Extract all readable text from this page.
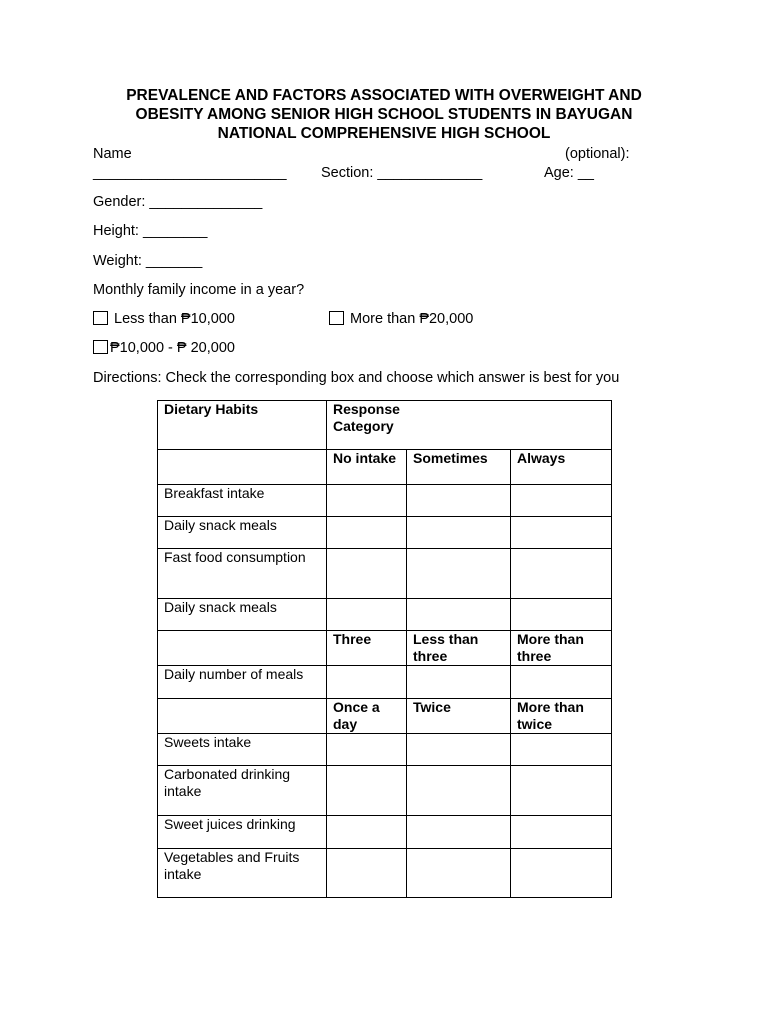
PREVALENCE AND FACTORS ASSOCIATED WITH OVERWEIGHT AND
OBESITY AMONG SENIOR HIGH SCHOOL STUDENTS IN BAYUGAN
NATIONAL COMPREHENSIVE HIGH SCHOOL
Name	(optional):
________________________ Section: _____________	Age: __
Gender: ______________
Height: ________
Weight: _______
Monthly family income in a year?
Less than ₱10,000	More than ₱20,000
₱10,000 - ₱ 20,000
Directions: Check the corresponding box and choose which answer is best for you
Dietary Habits	Response Category		
	No intake	Sometimes	Always
Breakfast intake			
Daily snack meals			
Fast food consumption			
Daily snack meals			
	Three	Less than three	More than three
Daily number of meals			
	Once a day	Twice	More than twice
Sweets intake			
Carbonated drinking intake			
Sweet juices drinking			
Vegetables and Fruits intake			
